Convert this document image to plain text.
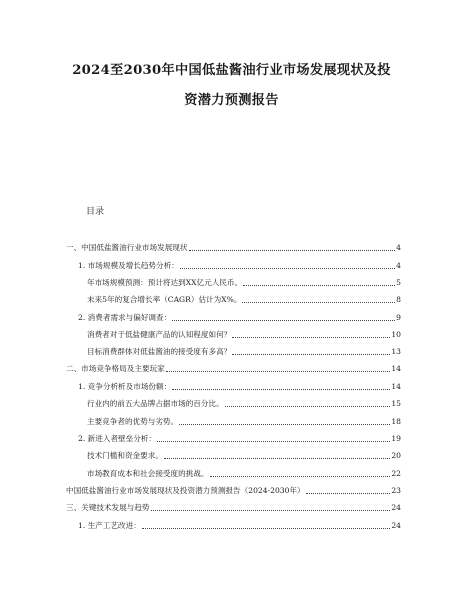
2024至2030年中国低盐酱油行业市场发展现状及投
资潜力预测报告
目录
一、中国低盐酱油行业市场发展现状	4
1. 市场规模及增长趋势分析：	4
年市场规模预测：预计将达到XX亿元人民币。	5
未来5年的复合增长率（CAGR）估计为X%。	8
2. 消费者需求与偏好调查：	9
消费者对于低盐健康产品的认知程度如何？	10
目标消费群体对低盐酱油的接受度有多高？	13
二、市场竞争格局及主要玩家	14
1. 竞争分析析及市场份额：	14
行业内的前五大品牌占据市场的百分比。	15
主要竞争者的优势与劣势。	18
2. 新进入者壁垒分析：	19
技术门槛和资金要求。	20
市场教育成本和社会接受度的挑战。	22
中国低盐酱油行业市场发展现状及投资潜力预测报告（2024-2030年）	23
三、关键技术发展与趋势	24
1. 生产工艺改进：	24
